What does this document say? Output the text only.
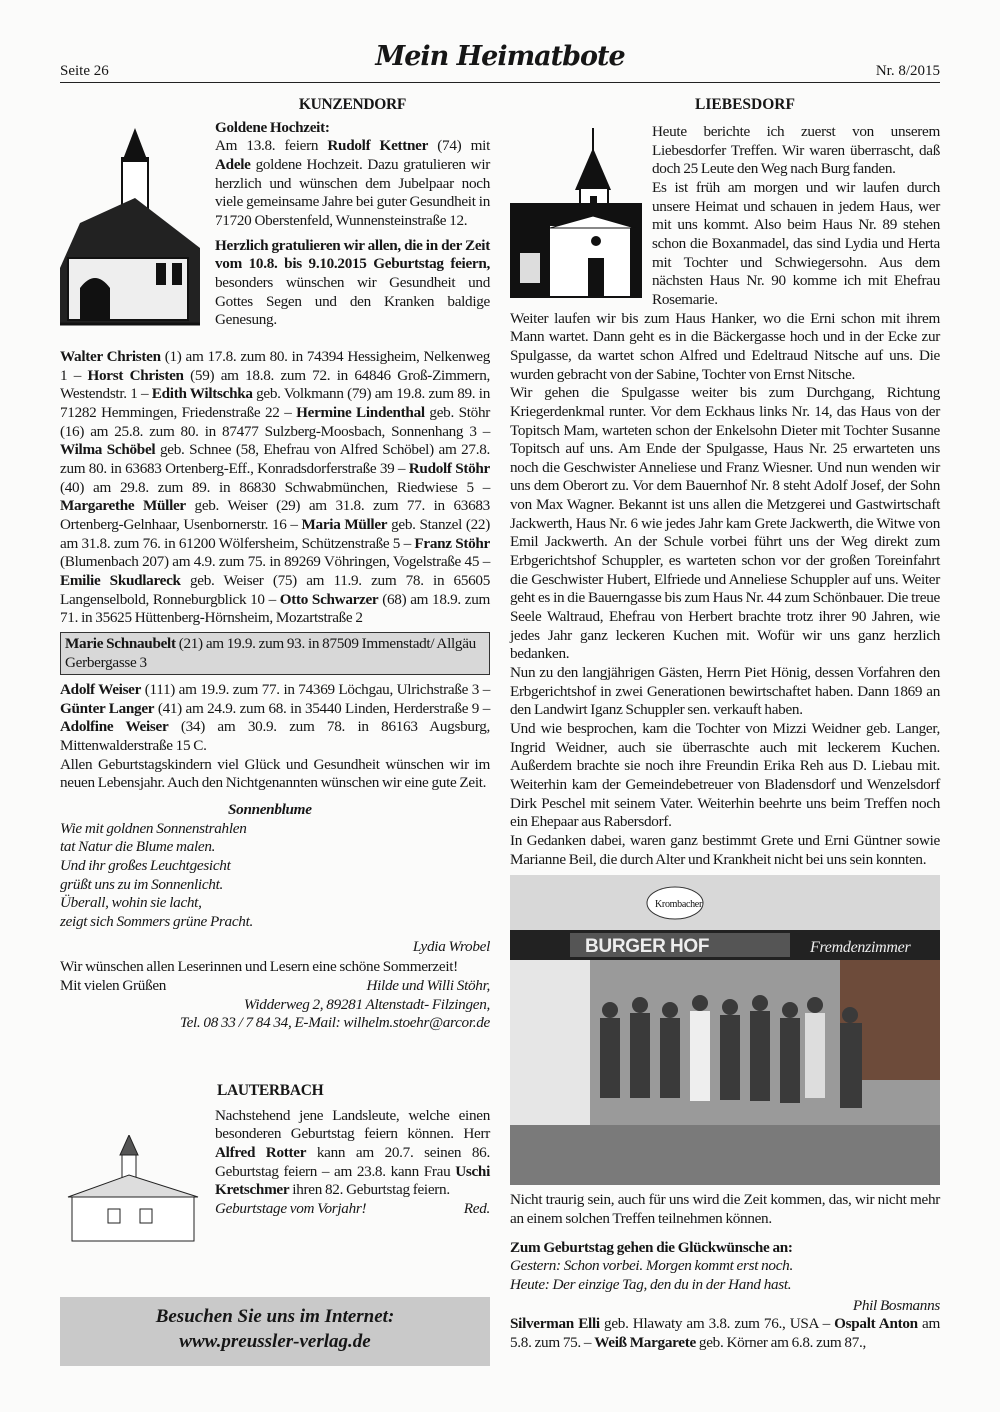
Seite 26	Mein Heimatbote	Nr. 8/2015
KUNZENDORF

Goldene Hochzeit:

Am 13.8. feiern Rudolf Kettner (74) mit Adele goldene Hochzeit. Dazu gratulieren wir herzlich und wünschen dem Jubelpaar noch viele gemeinsame Jahre bei guter Gesundheit in 71720 Oberstenfeld, Wunnensteinstraße 12.

Herzlich gratulieren wir allen, die in der Zeit vom 10.8. bis 9.10.2015 Geburtstag feiern, besonders wünschen wir Gesundheit und Gottes Segen und den Kranken baldige Genesung.

Walter Christen (1) am 17.8. zum 80. in 74394 Hessigheim, Nelkenweg 1 – Horst Christen (59) am 18.8. zum 72. in 64846 Groß-Zimmern, Westendstr. 1 – Edith Wiltschka geb. Volkmann (79) am 19.8. zum 89. in 71282 Hemmingen, Friedenstraße 22 – Hermine Lindenthal geb. Stöhr (16) am 25.8. zum 80. in 87477 Sulzberg-Moosbach, Sonnenhang 3 – Wilma Schöbel geb. Schnee (58, Ehefrau von Alfred Schöbel) am 27.8. zum 80. in 63683 Ortenberg-Eff., Konradsdorferstraße 39 – Rudolf Stöhr (40) am 29.8. zum 89. in 86830 Schwabmünchen, Riedwiese 5 – Margarethe Müller geb. Weiser (29) am 31.8. zum 77. in 63683 Ortenberg-Gelnhaar, Usenbornerstr. 16 – Maria Müller geb. Stanzel (22) am 31.8. zum 76. in 61200 Wölfersheim, Schützenstraße 5 – Franz Stöhr (Blumenbach 207) am 4.9. zum 75. in 89269 Vöhringen, Vogelstraße 45 – Emilie Skudlareck geb. Weiser (75) am 11.9. zum 78. in 65605 Langenselbold, Ronneburgblick 10 – Otto Schwarzer (68) am 18.9. zum 71. in 35625 Hüttenberg-Hörnsheim, Mozartstraße 2

Marie Schnaubelt (21) am 19.9. zum 93. in 87509 Immenstadt/ Allgäu Gerbergasse 3

Adolf Weiser (111) am 19.9. zum 77. in 74369 Löchgau, Ulrichstraße 3 – Günter Langer (41) am 24.9. zum 68. in 35440 Linden, Herderstraße 9 – Adolfine Weiser (34) am 30.9. zum 78. in 86163 Augsburg, Mittenwalderstraße 15 C.

Allen Geburtstagskindern viel Glück und Gesundheit wünschen wir im neuen Lebensjahr. Auch den Nichtgenannten wünschen wir eine gute Zeit.

Sonnenblume

Wie mit goldnen Sonnenstrahlen
tat Natur die Blume malen.
Und ihr großes Leuchtgesicht
grüßt uns zu im Sonnenlicht.
Überall, wohin sie lacht,
zeigt sich Sommers grüne Pracht.

Lydia Wrobel

Wir wünschen allen Leserinnen und Lesern eine schöne Sommerzeit!

Mit vielen Grüßen	Hilde und Willi Stöhr,

Widderweg 2, 89281 Altenstadt- Filzingen,

Tel. 08 33 / 7 84 34, E-Mail: wilhelm.stoehr@arcor.de

LAUTERBACH

Nachstehend jene Landsleute, welche einen besonderen Geburtstag feiern können. Herr Alfred Rotter kann am 20.7. seinen 86. Geburtstag feiern – am 23.8. kann Frau Uschi Kretschmer ihren 82. Geburtstag feiern.

Geburtstage vom Vorjahr!	Red.
Besuchen Sie uns im Internet:
www.preussler-verlag.de
LIEBESDORF

Heute berichte ich zuerst von unserem Liebesdorfer Treffen. Wir waren überrascht, daß doch 25 Leute den Weg nach Burg fanden.

Es ist früh am morgen und wir laufen durch unsere Heimat und schauen in jedem Haus, wer mit uns kommt. Also beim Haus Nr. 89 stehen schon die Boxanmadel, das sind Lydia und Herta mit Tochter und Schwiegersohn. Aus dem nächsten Haus Nr. 90 komme ich mit Ehefrau Rosemarie.

Weiter laufen wir bis zum Haus Hanker, wo die Erni schon mit ihrem Mann wartet. Dann geht es in die Bäckergasse hoch und in der Ecke zur Spulgasse, da wartet schon Alfred und Edeltraud Nitsche auf uns. Die wurden gebracht von der Sabine, Tochter von Ernst Nitsche.

Wir gehen die Spulgasse weiter bis zum Durchgang, Richtung Kriegerdenkmal runter. Vor dem Eckhaus links Nr. 14, das Haus von der Topitsch Mam, warteten schon der Enkelsohn Dieter mit Tochter Susanne Topitsch auf uns. Am Ende der Spulgasse, Haus Nr. 25 erwarteten uns noch die Geschwister Anneliese und Franz Wiesner. Und nun wenden wir uns dem Oberort zu. Vor dem Bauernhof Nr. 8 steht Adolf Josef, der Sohn von Max Wagner. Bekannt ist uns allen die Metzgerei und Gastwirtschaft Jackwerth, Haus Nr. 6 wie jedes Jahr kam Grete Jackwerth, die Witwe von Emil Jackwerth. An der Schule vorbei führt uns der Weg direkt zum Erbgerichtshof Schuppler, es warteten schon vor der großen Toreinfahrt die Geschwister Hubert, Elfriede und Anneliese Schuppler auf uns. Weiter geht es in die Bauerngasse bis zum Haus Nr. 44 zum Schönbauer. Die treue Seele Waltraud, Ehefrau von Herbert brachte trotz ihrer 90 Jahren, wie jedes Jahr ganz leckeren Kuchen mit. Wofür wir uns ganz herzlich bedanken.

Nun zu den langjährigen Gästen, Herrn Piet Hönig, dessen Vorfahren den Erbgerichtshof in zwei Generationen bewirtschaftet haben. Dann 1869 an den Landwirt Iganz Schuppler sen. verkauft haben.

Und wie besprochen, kam die Tochter von Mizzi Weidner geb. Langer, Ingrid Weidner, auch sie überraschte auch mit leckerem Kuchen. Außerdem brachte sie noch ihre Freundin Erika Reh aus D. Liebau mit. Weiterhin kam der Gemeindebetreuer von Bladensdorf und Wenzelsdorf Dirk Peschel mit seinem Vater. Weiterhin beehrte uns beim Treffen noch ein Ehepaar aus Rabersdorf.

In Gedanken dabei, waren ganz bestimmt Grete und Erni Güntner sowie Marianne Beil, die durch Alter und Krankheit nicht bei uns sein konnten.

BURGER HOF	Fremdenzimmer
Krombacher

Nicht traurig sein, auch für uns wird die Zeit kommen, das, wir nicht mehr an einem solchen Treffen teilnehmen können.

Zum Geburtstag gehen die Glückwünsche an:

Gestern: Schon vorbei. Morgen kommt erst noch.

Heute: Der einzige Tag, den du in der Hand hast.

Phil Bosmanns

Silverman Elli geb. Hlawaty am 3.8. zum 76., USA – Ospalt Anton am 5.8. zum 75. – Weiß Margarete geb. Körner am 6.8. zum 87.,
